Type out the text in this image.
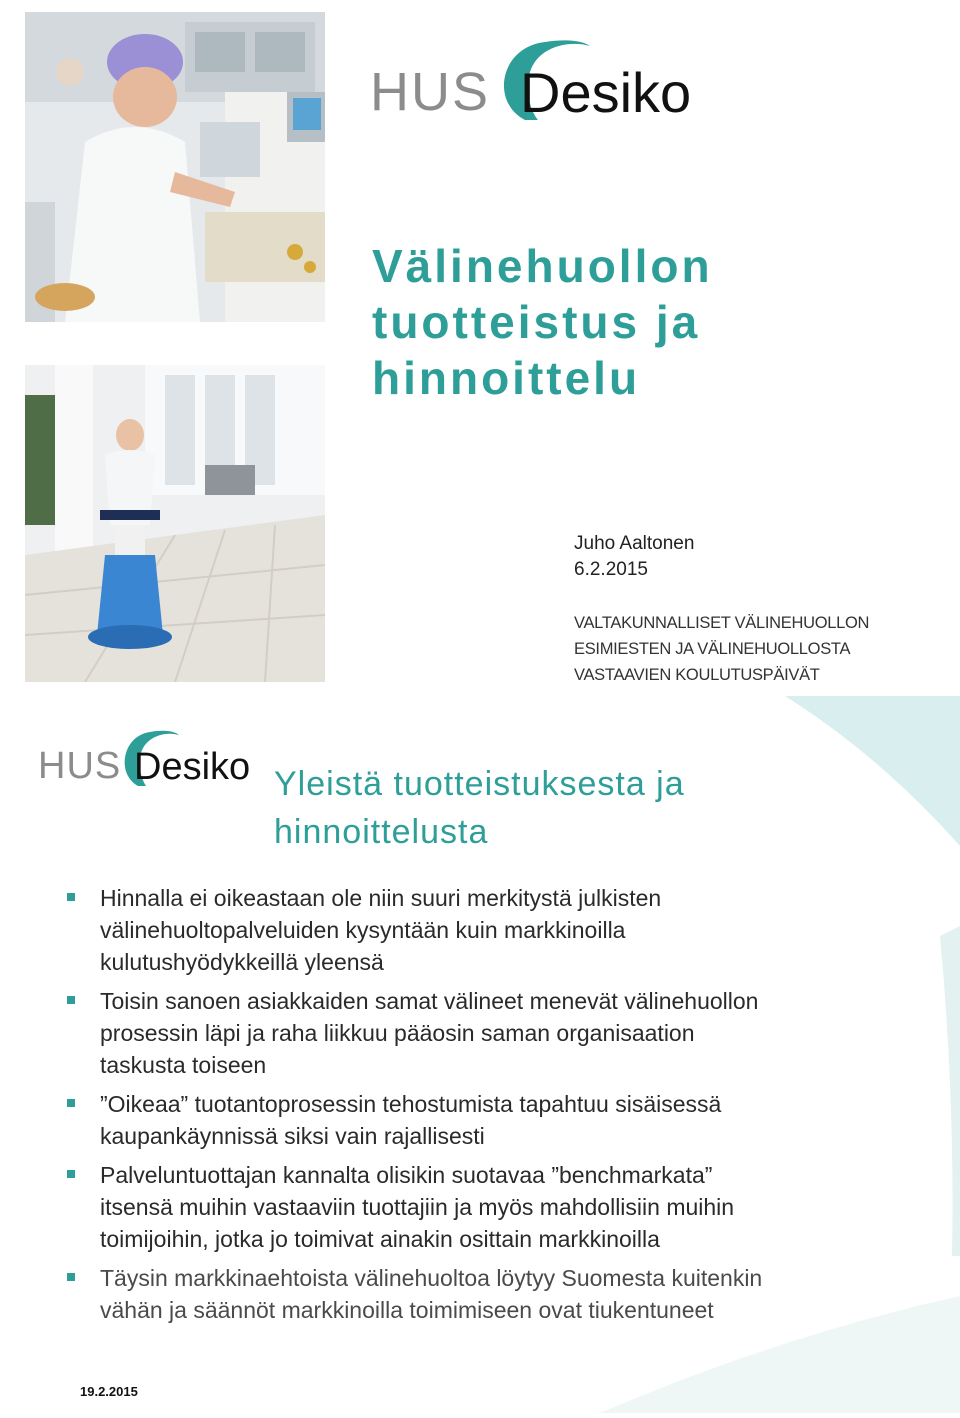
HUS Desiko
Välinehuollon
tuotteistus ja
hinnoittelu
Juho Aaltonen
6.2.2015
VALTAKUNNALLISET VÄLINEHUOLLON
ESIMIESTEN JA VÄLINEHUOLLOSTA
VASTAAVIEN KOULUTUSPÄIVÄT
HUS Desiko Yleistä tuotteistuksesta ja
hinnoittelusta
Hinnalla ei oikeastaan ole niin suuri merkitystä julkisten
välinehuoltopalveluiden kysyntään kuin markkinoilla
kulutushyödykkeillä yleensä
Toisin sanoen asiakkaiden samat välineet menevät välinehuollon
prosessin läpi ja raha liikkuu pääosin saman organisaation
taskusta toiseen
”Oikeaa” tuotantoprosessin tehostumista tapahtuu sisäisessä
kaupankäynnissä siksi vain rajallisesti
Palveluntuottajan kannalta olisikin suotavaa ”benchmarkata”
itsensä muihin vastaaviin tuottajiin ja myös mahdollisiin muihin
toimijoihin, jotka jo toimivat ainakin osittain markkinoilla
Täysin markkinaehtoista välinehuoltoa löytyy Suomesta kuitenkin
vähän ja säännöt markkinoilla toimimiseen ovat tiukentuneet
19.2.2015
